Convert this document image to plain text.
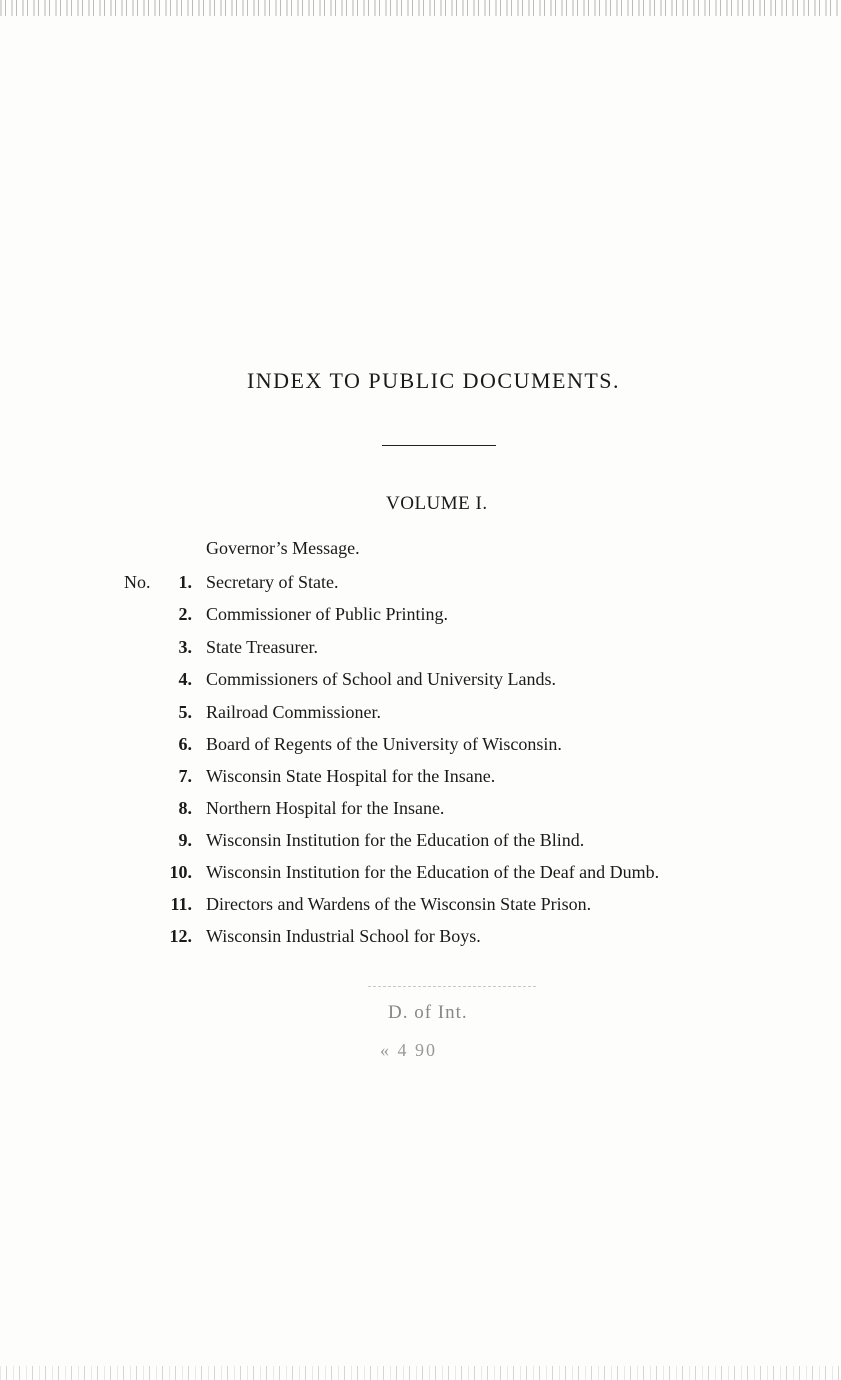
INDEX TO PUBLIC DOCUMENTS.
VOLUME I.
Governor’s Message.
No.	1. Secretary of State.
2. Commissioner of Public Printing.
3. State Treasurer.
4. Commissioners of School and University Lands.
5. Railroad Commissioner.
6. Board of Regents of the University of Wisconsin.
7. Wisconsin State Hospital for the Insane.
8. Northern Hospital for the Insane.
9. Wisconsin Institution for the Education of the Blind.
10. Wisconsin Institution for the Education of the Deaf and Dumb.
11. Directors and Wardens of the Wisconsin State Prison.
12. Wisconsin Industrial School for Boys.
D. of Int.
« 4 90
